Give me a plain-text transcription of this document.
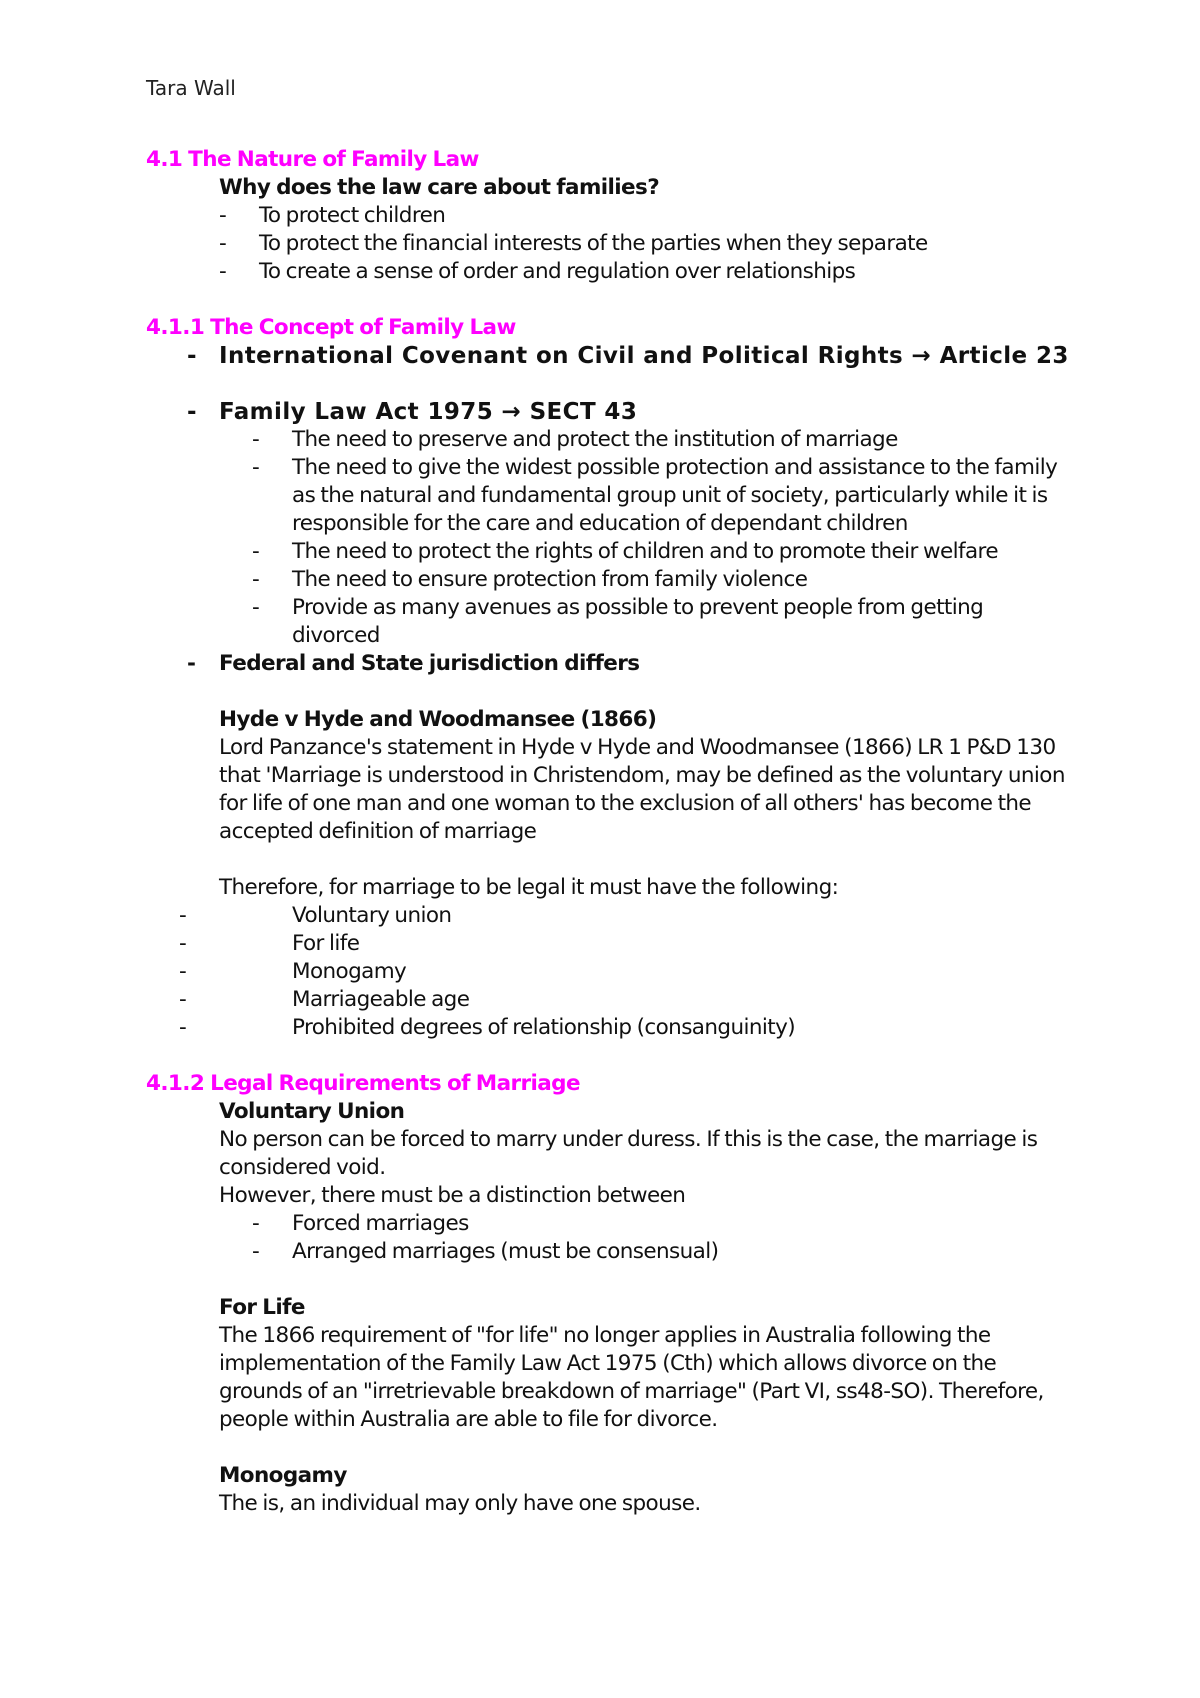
Tara Wall

4.1 The Nature of Family Law

Why does the law care about families?

- To protect children
- To protect the financial interests of the parties when they separate
- To create a sense of order and regulation over relationships

4.1.1 The Concept of Family Law

- International Covenant on Civil and Political Rights → Article 23
- Family Law Act 1975 → SECT 43
- The need to preserve and protect the institution of marriage
- The need to give the widest possible protection and assistance to the family as the natural and fundamental group unit of society, particularly while it is responsible for the care and education of dependant children
- The need to protect the rights of children and to promote their welfare
- The need to ensure protection from family violence
- Provide as many avenues as possible to prevent people from getting divorced
- Federal and State jurisdiction differs

Hyde v Hyde and Woodmansee (1866)

Lord Panzance's statement in Hyde v Hyde and Woodmansee (1866) LR 1 P&D 130 that 'Marriage is understood in Christendom, may be defined as the voluntary union for life of one man and one woman to the exclusion of all others' has become the accepted definition of marriage

Therefore, for marriage to be legal it must have the following:

- Voluntary union
- For life
- Monogamy
- Marriageable age
- Prohibited degrees of relationship (consanguinity)

4.1.2 Legal Requirements of Marriage

Voluntary Union

No person can be forced to marry under duress. If this is the case, the marriage is considered void.

However, there must be a distinction between

- Forced marriages
- Arranged marriages (must be consensual)

For Life

The 1866 requirement of "for life" no longer applies in Australia following the implementation of the Family Law Act 1975 (Cth) which allows divorce on the grounds of an "irretrievable breakdown of marriage" (Part VI, ss48-SO). Therefore, people within Australia are able to file for divorce.

Monogamy

The is, an individual may only have one spouse.
